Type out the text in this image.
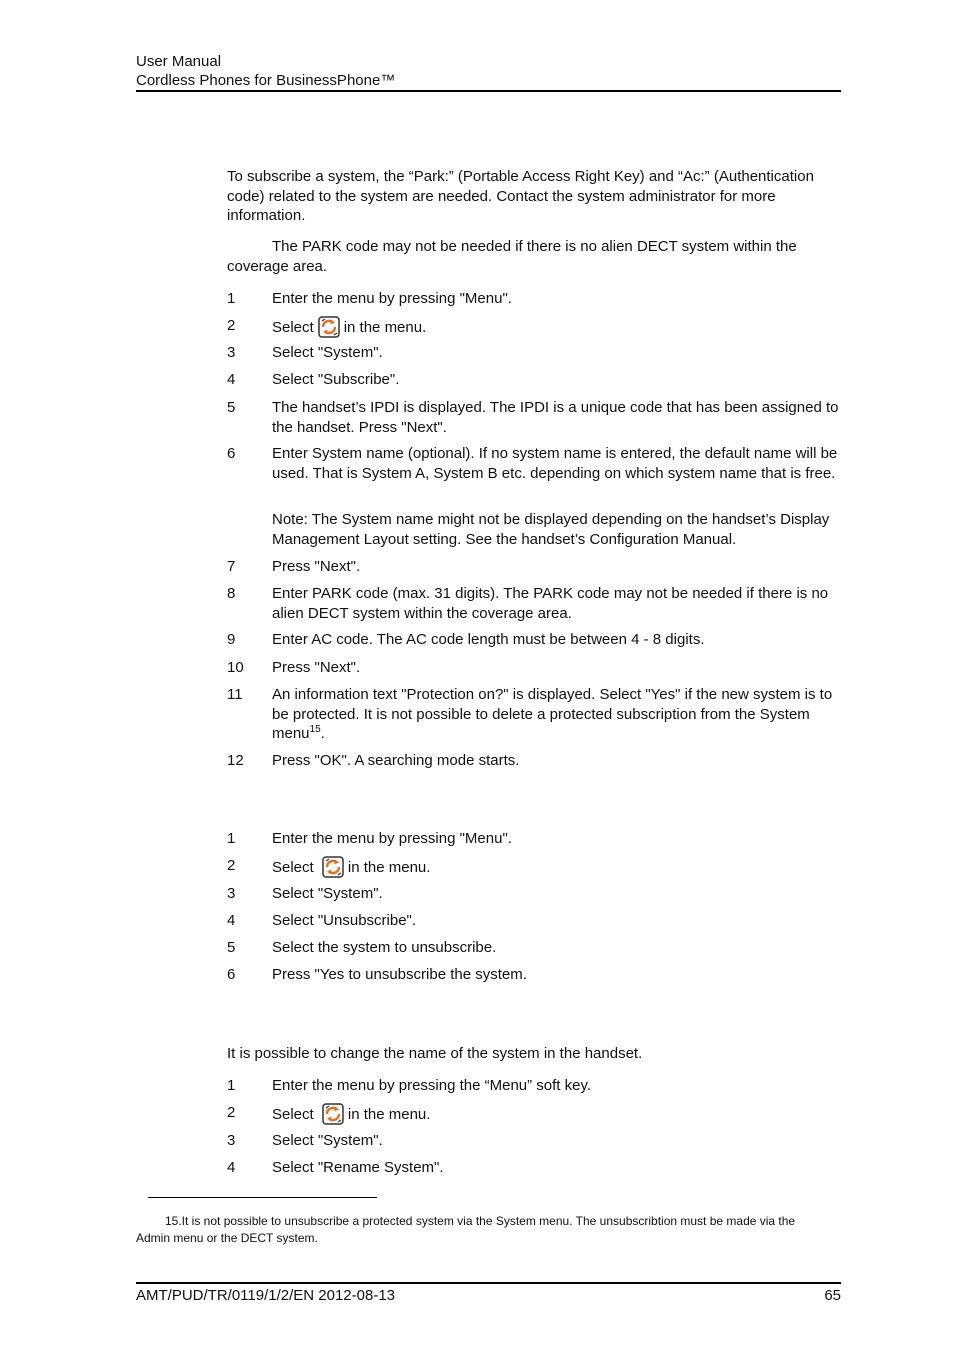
User Manual
Cordless Phones for BusinessPhone™
To subscribe a system, the “Park:” (Portable Access Right Key) and “Ac:” (Authentication code) related to the system are needed. Contact the system administrator for more information.
The PARK code may not be needed if there is no alien DECT system within the coverage area.
1 Enter the menu by pressing "Menu".
2 Select in the menu.
3 Select "System".
4 Select "Subscribe".
5 The handset’s IPDI is displayed. The IPDI is a unique code that has been assigned to the handset. Press "Next".
6 Enter System name (optional). If no system name is entered, the default name will be used. That is System A, System B etc. depending on which system name that is free.
Note: The System name might not be displayed depending on the handset’s Display Management Layout setting. See the handset’s Configuration Manual.
7 Press "Next".
8 Enter PARK code (max. 31 digits). The PARK code may not be needed if there is no alien DECT system within the coverage area.
9 Enter AC code. The AC code length must be between 4 - 8 digits.
10 Press "Next".
11 An information text "Protection on?" is displayed. Select "Yes" if the new system is to be protected. It is not possible to delete a protected subscription from the System menu$^{15}$.
12 Press "OK". A searching mode starts.
1 Enter the menu by pressing "Menu".
2 Select in the menu.
3 Select "System".
4 Select "Unsubscribe".
5 Select the system to unsubscribe.
6 Press "Yes to unsubscribe the system.
It is possible to change the name of the system in the handset.
1 Enter the menu by pressing the “Menu” soft key.
2 Select in the menu.
3 Select "System".
4 Select "Rename System".
15.It is not possible to unsubscribe a protected system via the System menu. The unsubscribtion must be made via the Admin menu or the DECT system.
AMT/PUD/TR/0119/1/2/EN 2012-08-13	65
